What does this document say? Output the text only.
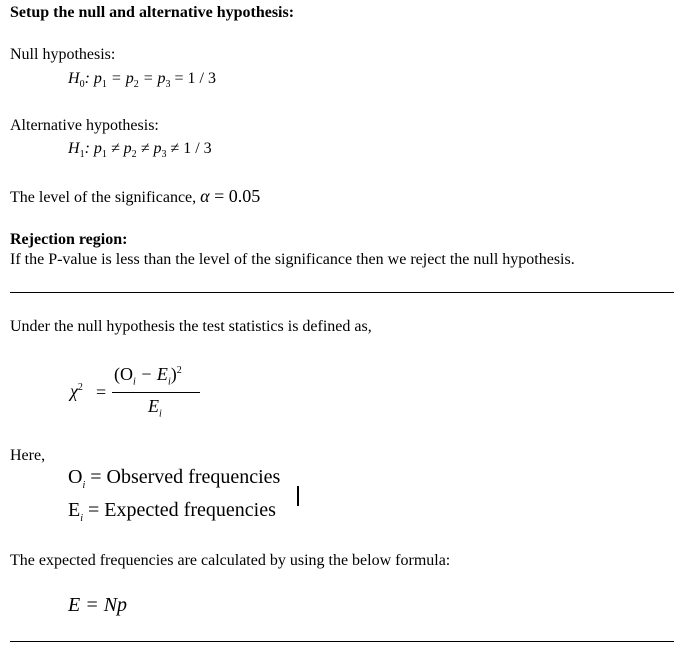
Setup the null and alternative hypothesis:
Null hypothesis:
$H_0$: $p_1 = p_2 = p_3 = 1 / 3$
Alternative hypothesis:
$H_1$: $p_1 \ne p_2 \ne p_3 \ne 1 / 3$
The level of the significance, α = 0.05
Rejection region:
If the P-value is less than the level of the significance then we reject the null hypothesis.
Under the null hypothesis the test statistics is defined as,
$\chi^2$ =
$(O_i - E_i)^2$
$E_i$
Here,
$O_i$ = Observed frequencies
$E_i$ = Expected frequencies
The expected frequencies are calculated by using the below formula:
E = Np
